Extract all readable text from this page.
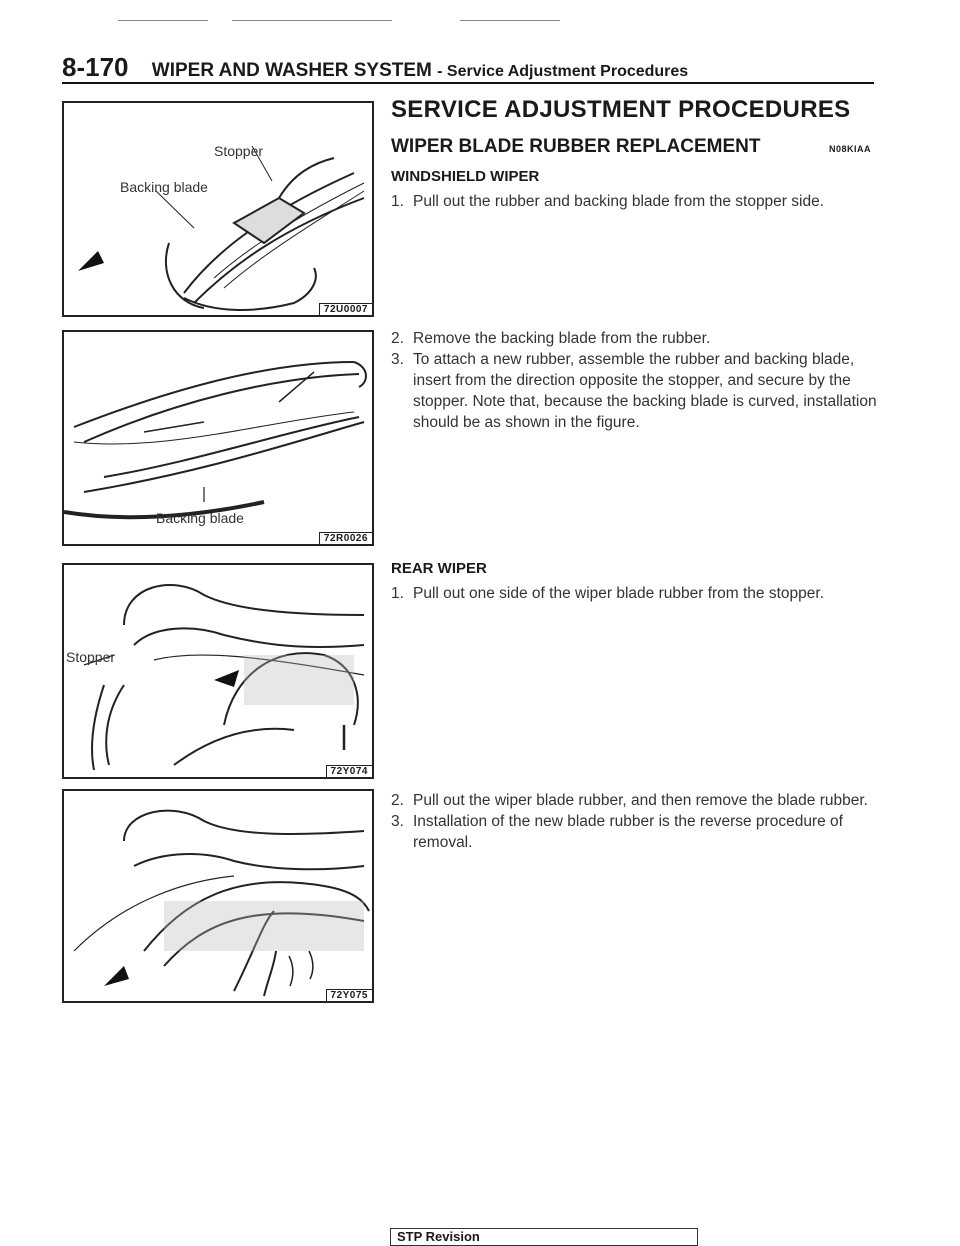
8-170 WIPER AND WASHER SYSTEM - Service Adjustment Procedures
Stopper
Backing blade
72U0007
Backing blade
72R0026
Stopper
72Y074
72Y075
SERVICE ADJUSTMENT PROCEDURES
WIPER BLADE RUBBER REPLACEMENT	N08KIAA
WINDSHIELD WIPER
1. Pull out the rubber and backing blade from the stopper side.
2. Remove the backing blade from the rubber.
3. To attach a new rubber, assemble the rubber and backing blade, insert from the direction opposite the stopper, and secure by the stopper. Note that, because the backing blade is curved, installation should be as shown in the figure.
REAR WIPER
1. Pull out one side of the wiper blade rubber from the stopper.
2. Pull out the wiper blade rubber, and then remove the blade rubber.
3. Installation of the new blade rubber is the reverse procedure of removal.
STP Revision
